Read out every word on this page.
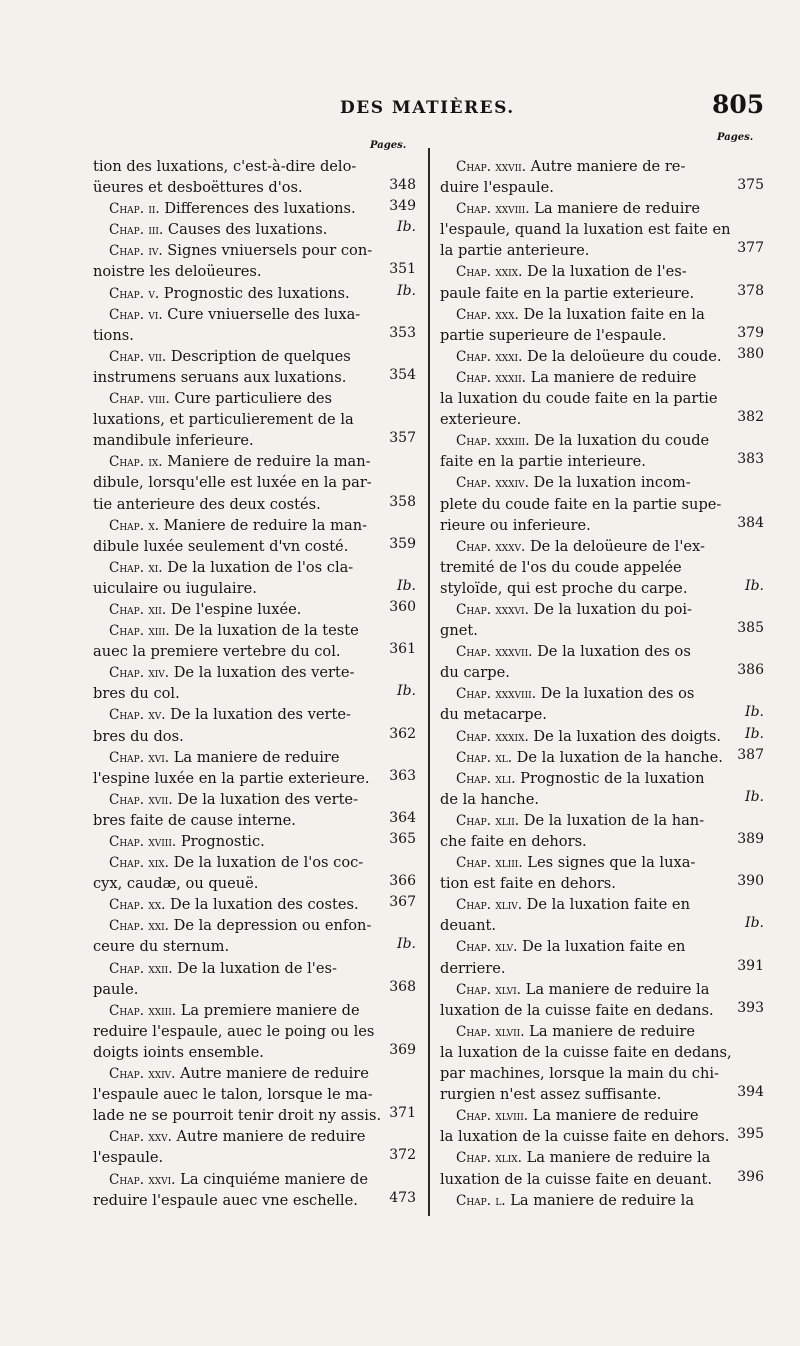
DES MATIÈRES.	805
Pages.
Pages.
tion des luxations, c'est-à-dire delo-
üeures et desboëttures d'os.	348
Chap. ii. Differences des luxations.	349
Chap. iii. Causes des luxations.	Ib.
Chap. iv. Signes vniuersels pour con-
noistre les deloüeures.	351
Chap. v. Prognostic des luxations.	Ib.
Chap. vi. Cure vniuerselle des luxa-
tions.	353
Chap. vii. Description de quelques
instrumens seruans aux luxations.	354
Chap. viii. Cure particuliere des
luxations, et particulierement de la
mandibule inferieure.	357
Chap. ix. Maniere de reduire la man-
dibule, lorsqu'elle est luxée en la par-
tie anterieure des deux costés.	358
Chap. x. Maniere de reduire la man-
dibule luxée seulement d'vn costé.	359
Chap. xi. De la luxation de l'os cla-
uiculaire ou iugulaire.	Ib.
Chap. xii. De l'espine luxée.	360
Chap. xiii. De la luxation de la teste
auec la premiere vertebre du col.	361
Chap. xiv. De la luxation des verte-
bres du col.	Ib.
Chap. xv. De la luxation des verte-
bres du dos.	362
Chap. xvi. La maniere de reduire
l'espine luxée en la partie exterieure.	363
Chap. xvii. De la luxation des verte-
bres faite de cause interne.	364
Chap. xviii. Prognostic.	365
Chap. xix. De la luxation de l'os coc-
cyx, caudæ, ou queuë.	366
Chap. xx. De la luxation des costes.	367
Chap. xxi. De la depression ou enfon-
ceure du sternum.	Ib.
Chap. xxii. De la luxation de l'es-
paule.	368
Chap. xxiii. La premiere maniere de
reduire l'espaule, auec le poing ou les
doigts ioints ensemble.	369
Chap. xxiv. Autre maniere de reduire
l'espaule auec le talon, lorsque le ma-
lade ne se pourroit tenir droit ny assis. 371
Chap. xxv. Autre maniere de reduire
l'espaule.	372
Chap. xxvi. La cinquiéme maniere de
reduire l'espaule auec vne eschelle.	473
Chap. xxvii. Autre maniere de re-
duire l'espaule.	375
Chap. xxviii. La maniere de reduire
l'espaule, quand la luxation est faite en
la partie anterieure.	377
Chap. xxix. De la luxation de l'es-
paule faite en la partie exterieure.	378
Chap. xxx. De la luxation faite en la
partie superieure de l'espaule.	379
Chap. xxxi. De la deloüeure du coude.	380
Chap. xxxii. La maniere de reduire
la luxation du coude faite en la partie
exterieure.	382
Chap. xxxiii. De la luxation du coude
faite en la partie interieure.	383
Chap. xxxiv. De la luxation incom-
plete du coude faite en la partie supe-
rieure ou inferieure.	384
Chap. xxxv. De la deloüeure de l'ex-
tremité de l'os du coude appelée
styloïde, qui est proche du carpe.	Ib.
Chap. xxxvi. De la luxation du poi-
gnet.	385
Chap. xxxvii. De la luxation des os
du carpe.	386
Chap. xxxviii. De la luxation des os
du metacarpe.	Ib.
Chap. xxxix. De la luxation des doigts.	Ib.
Chap. xl. De la luxation de la hanche.	387
Chap. xli. Prognostic de la luxation
de la hanche.	Ib.
Chap. xlii. De la luxation de la han-
che faite en dehors.	389
Chap. xliii. Les signes que la luxa-
tion est faite en dehors.	390
Chap. xliv. De la luxation faite en
deuant.	Ib.
Chap. xlv. De la luxation faite en
derriere.	391
Chap. xlvi. La maniere de reduire la
luxation de la cuisse faite en dedans.	393
Chap. xlvii. La maniere de reduire
la luxation de la cuisse faite en dedans,
par machines, lorsque la main du chi-
rurgien n'est assez suffisante.	394
Chap. xlviii. La maniere de reduire
la luxation de la cuisse faite en dehors. 395
Chap. xlix. La maniere de reduire la
luxation de la cuisse faite en deuant.	396
Chap. l. La maniere de reduire la
